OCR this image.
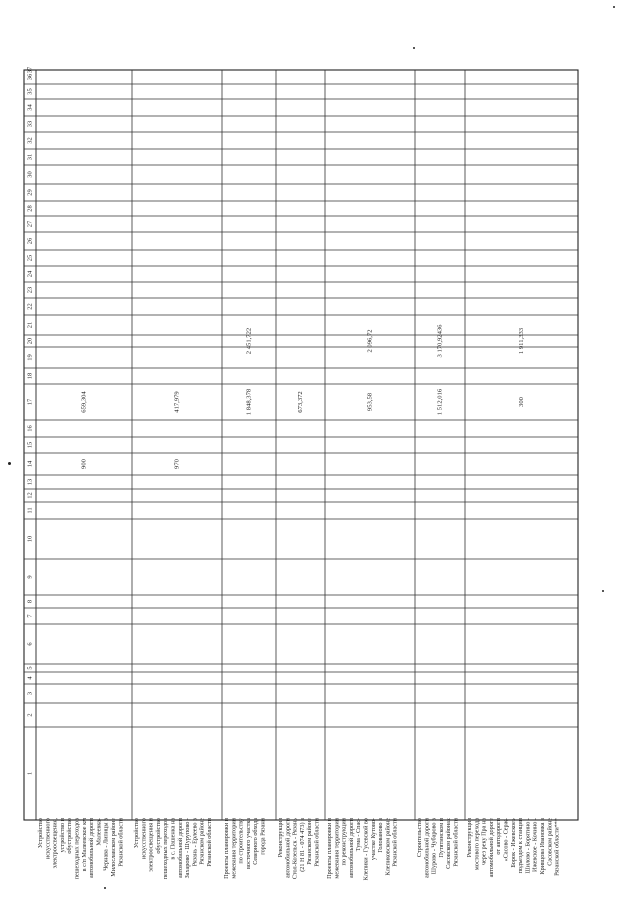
1
2
3
4
5
6
7
8
9
10
11
12
13
14
15
16
17
18
19
20
21
22
23
24
25
26
27
28
29
30
31
32
33
34
35
36
37
Устройство искусственного электроосвещения, устройство и обустройство пешеходных переходов в с/п Малеевское км автомобильной дороги Малеевка- Чернава - Липицы в Милославском районе Рязанской области
900
659,304
Устройство искусственного электроосвещения и обустройство пешеходных переходов в с. Пашенка на автомобильной дороги Захарово - Шурупово - Рязань - Ерлеево в Рязанском районе Рязанской области
970
417,979
Проекты планировки и межевания территории по строительству восточного участка Северного обхода города Рязани
1 848,378
2 451,722
Реконструкция автомобильной дороги Стол-Козельск - Рязань (21 Н 81 - 074 473) в Рязанском районе Рязанской области
673,372
Проекты планировки и межевания территории по реконструкции автомобильной дороги Тума - Спас- Клепики - Гусевской во участке Кутово- Голованово в Клепиковском районе Рязанской области
953,58
2 096,72
Строительство автомобильной дороги Шурово - Чубарово в Путятинском и Сасовском районах Рязанской области
1 512,016
3 170,92436
Реконструкция мостового перехода через реку Пра на автомобильной дороге от автодороги «Сасово - Серж- Борок - Ижевское» подъездом к станции Шилово - Борятино - Ижевское - Кочино - Кривцова Ивановка в Сасовском районе Рязанской области***
300
1 911,333
